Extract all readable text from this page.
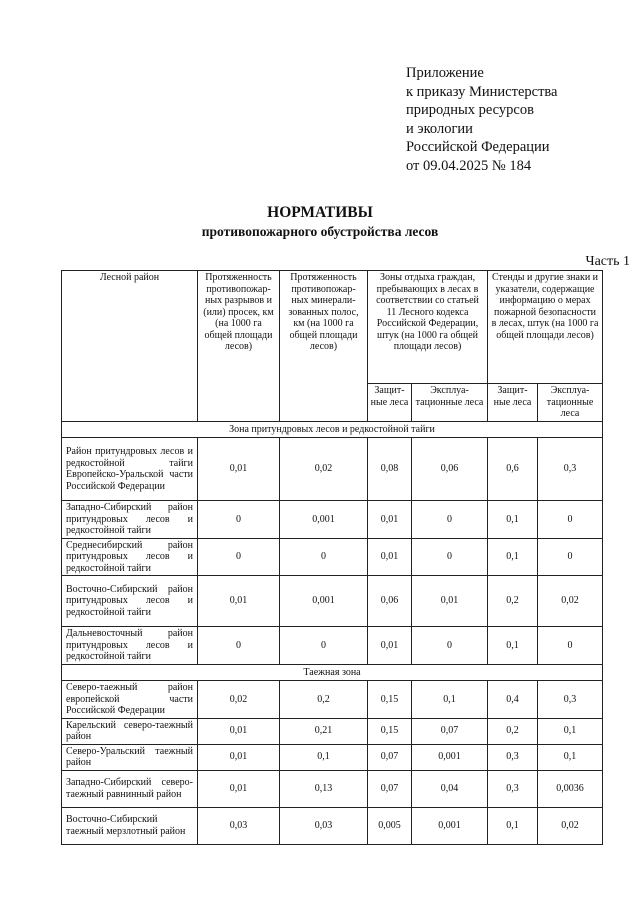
Приложение
к приказу Министерства
природных ресурсов
и экологии
Российской Федерации
от 09.04.2025 № 184
НОРМАТИВЫ
противопожарного обустройства лесов
Часть 1
Лесной район	Протяженность противопожар-ных разрывов и (или) просек, км (на 1000 га общей площади лесов)	Протяженность противопожар-ных минерали-зованных полос, км (на 1000 га общей площади лесов)	Зоны отдыха граждан, пребывающих в лесах в соответствии со статьей 11 Лесного кодекса Российской Федерации, штук (на 1000 га общей площади лесов)		Стенды и другие знаки и указатели, содержащие информацию о мерах пожарной безопасности в лесах, штук (на 1000 га общей площади лесов)	
			Защит-ные леса	Эксплуа-тационные леса	Защит-ные леса	Эксплуа-тационные леса
Зона притундровых лесов и редкостойной тайги						
Район притундровых лесов и редкостойной тайги Европейско-Уральской части Российской Федерации	0,01	0,02	0,08	0,06	0,6	0,3
Западно-Сибирский район притундровых лесов и редкостойной тайги	0	0,001	0,01	0	0,1	0
Среднесибирский район притундровых лесов и редкостойной тайги	0	0	0,01	0	0,1	0
Восточно-Сибирский район притундровых лесов и редкостойной тайги	0,01	0,001	0,06	0,01	0,2	0,02
Дальневосточный район притундровых лесов и редкостойной тайги	0	0	0,01	0	0,1	0
Таежная зона						
Северо-таежный район европейской части Российской Федерации	0,02	0,2	0,15	0,1	0,4	0,3
Карельский северо-таежный район	0,01	0,21	0,15	0,07	0,2	0,1
Северо-Уральский таежный район	0,01	0,1	0,07	0,001	0,3	0,1
Западно-Сибирский северо-таежный равнинный район	0,01	0,13	0,07	0,04	0,3	0,0036
Восточно-Сибирский таежный мерзлотный район	0,03	0,03	0,005	0,001	0,1	0,02
